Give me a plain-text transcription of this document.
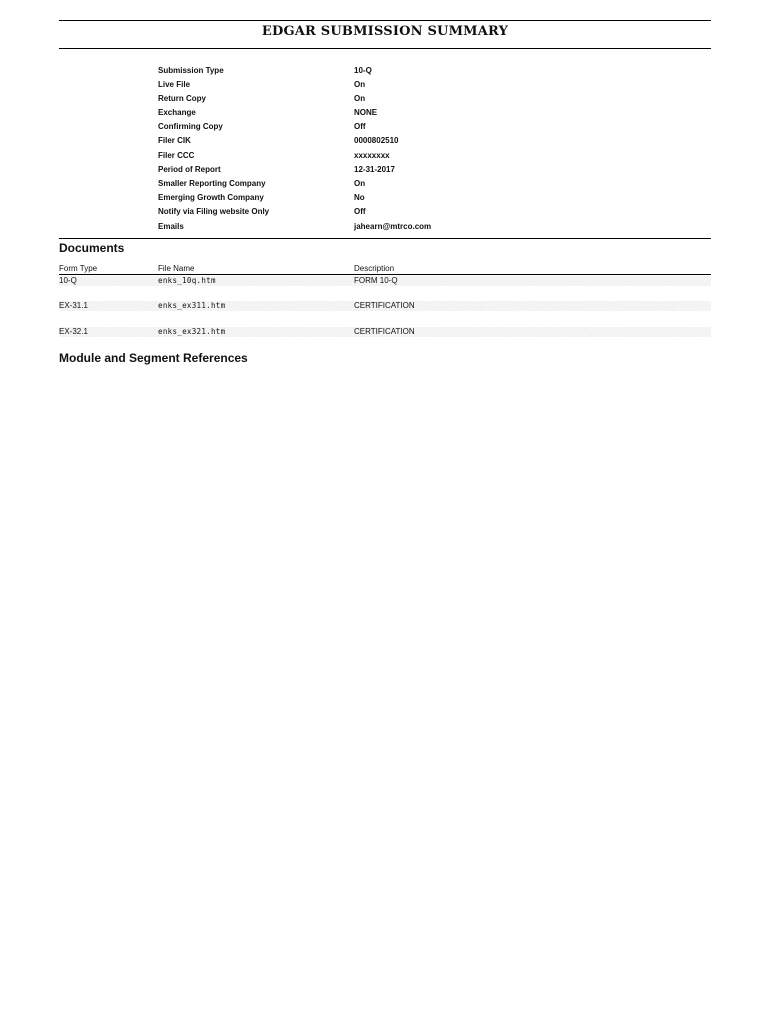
EDGAR SUBMISSION SUMMARY
Submission Type	10-Q
Live File	On
Return Copy	On
Exchange	NONE
Confirming Copy	Off
Filer CIK	0000802510
Filer CCC	xxxxxxxx
Period of Report	12-31-2017
Smaller Reporting Company	On
Emerging Growth Company	No
Notify via Filing website Only	Off
Emails	jahearn@mtrco.com
Documents
Form Type	File Name	Description
10-Q	enks_10q.htm	FORM 10-Q
EX-31.1	enks_ex311.htm	CERTIFICATION
EX-32.1	enks_ex321.htm	CERTIFICATION
Module and Segment References
